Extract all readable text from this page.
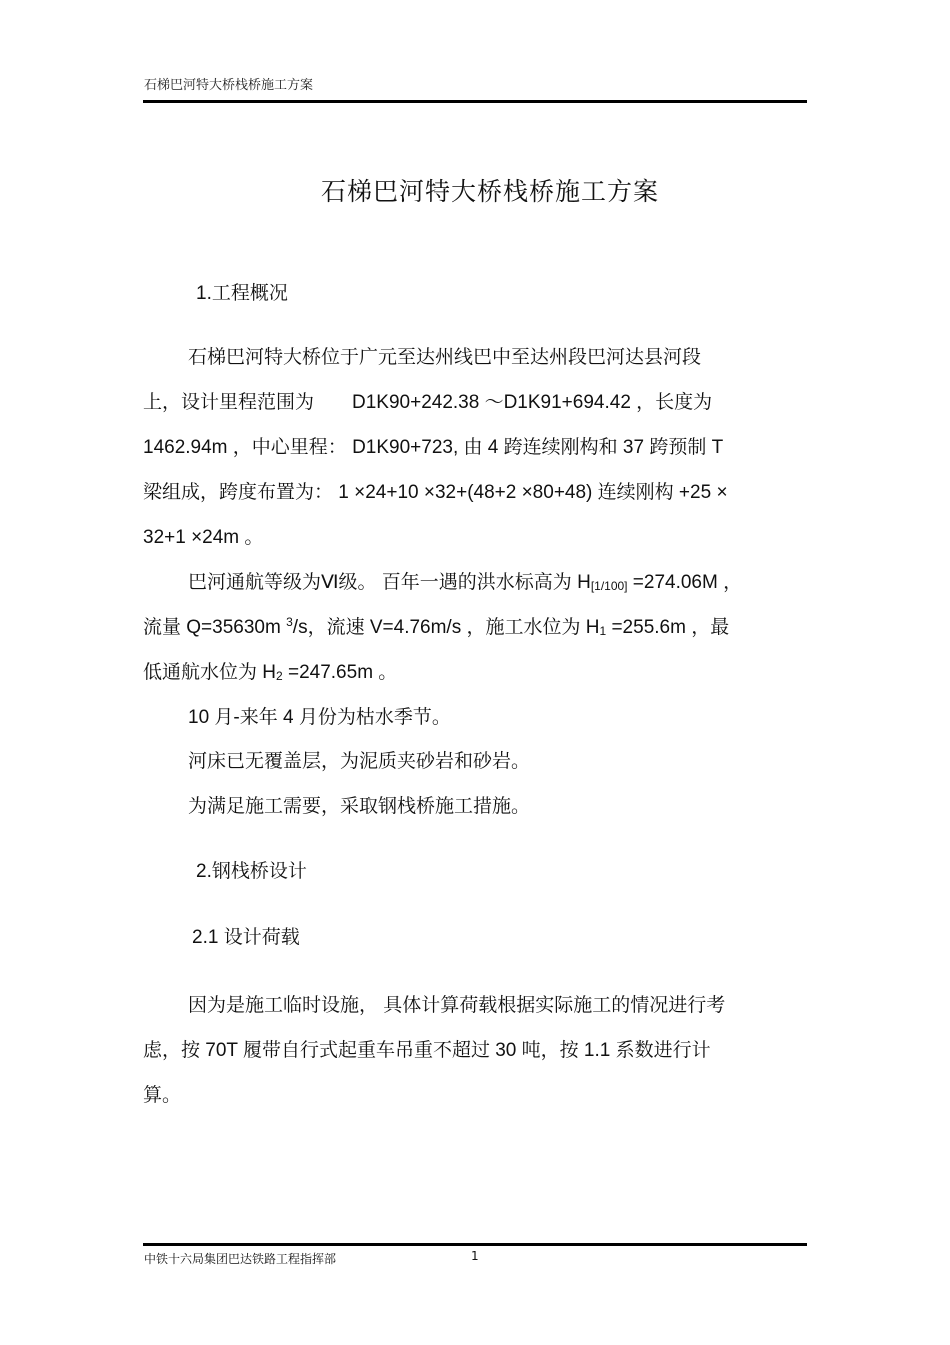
石梯巴河特大桥栈桥施工方案
石梯巴河特大桥栈桥施工方案
1.工程概况
石梯巴河特大桥位于广元至达州线巴中至达州段巴河达县河段
上，设计里程范围为　　D1K90+242.38 ～D1K91+694.42 ，长度为
1462.94m ，中心里程： D1K90+723, 由 4 跨连续刚构和 37 跨预制 T
梁组成，跨度布置为： 1 ×24+10 ×32+(48+2 ×80+48) 连续刚构 +25 ×
32+1 ×24m 。
巴河通航等级为Ⅵ级。 百年一遇的洪水标高为 H[1/100] =274.06M ，
流量 Q=35630m $^3$/s，流速 V=4.76m/s ，施工水位为 H1 =255.6m ，最
低通航水位为 H2 =247.65m 。
10 月-来年 4 月份为枯水季节。
河床已无覆盖层，为泥质夹砂岩和砂岩。
为满足施工需要，采取钢栈桥施工措施。
2.钢栈桥设计
2.1 设计荷载
因为是施工临时设施， 具体计算荷载根据实际施工的情况进行考
虑，按 70T 履带自行式起重车吊重不超过 30 吨，按 1.1 系数进行计
算。
中铁十六局集团巴达铁路工程指挥部	1
